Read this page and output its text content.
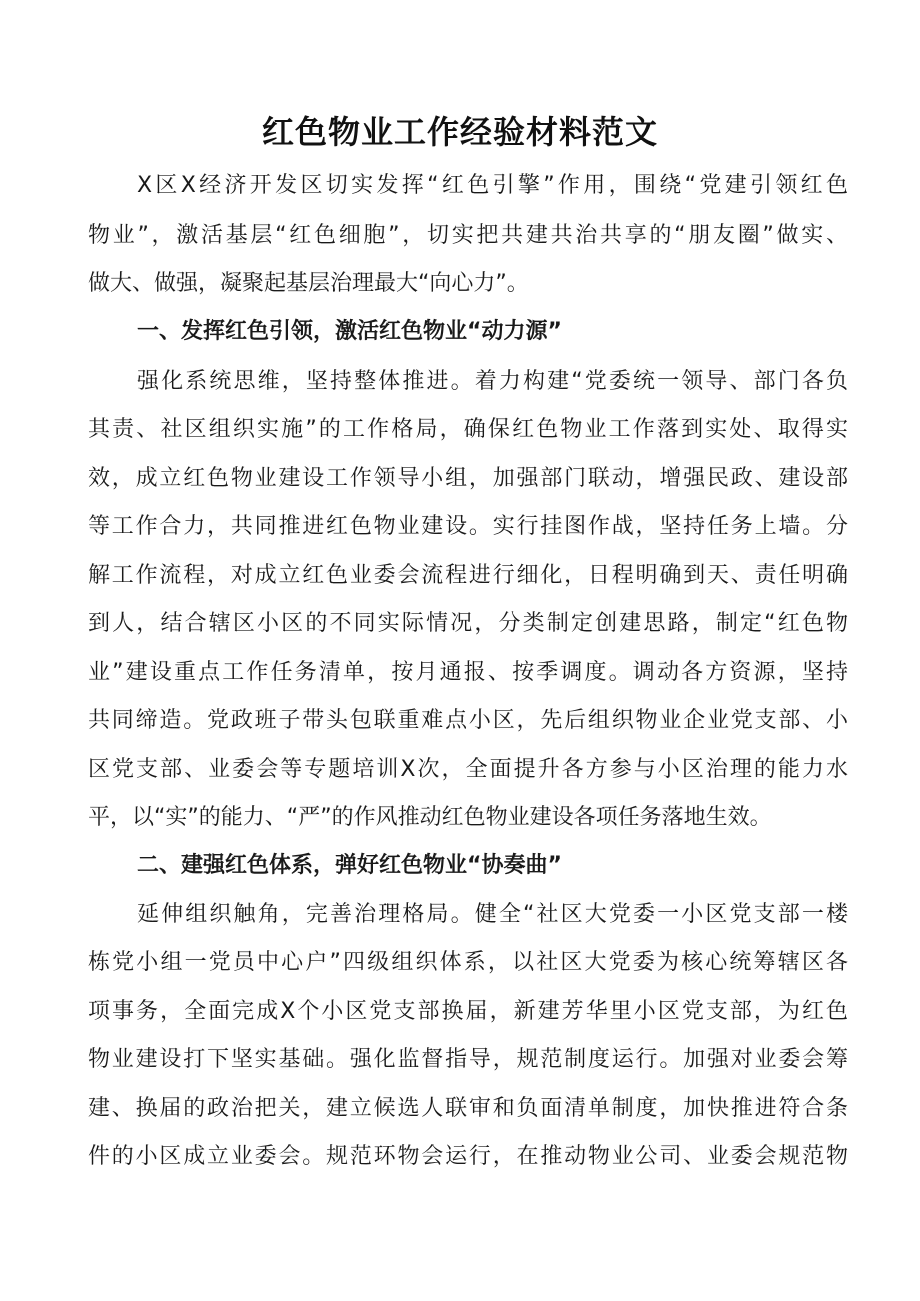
红色物业工作经验材料范文
X区X经济开发区切实发挥“红色引擎”作用，围绕“党建引领红色
物业”，激活基层“红色细胞”，切实把共建共治共享的“朋友圈”做实、
做大、做强，凝聚起基层治理最大“向心力”。
一、发挥红色引领，激活红色物业“动力源”
强化系统思维，坚持整体推进。着力构建“党委统一领导、部门各负
其责、社区组织实施”的工作格局，确保红色物业工作落到实处、取得实
效，成立红色物业建设工作领导小组，加强部门联动，增强民政、建设部
等工作合力，共同推进红色物业建设。实行挂图作战，坚持任务上墙。分
解工作流程，对成立红色业委会流程进行细化，日程明确到天、责任明确
到人，结合辖区小区的不同实际情况，分类制定创建思路，制定“红色物
业”建设重点工作任务清单，按月通报、按季调度。调动各方资源，坚持
共同缔造。党政班子带头包联重难点小区，先后组织物业企业党支部、小
区党支部、业委会等专题培训X次，全面提升各方参与小区治理的能力水
平，以“实”的能力、“严”的作风推动红色物业建设各项任务落地生效。
二、建强红色体系，弹好红色物业“协奏曲”
延伸组织触角，完善治理格局。健全“社区大党委一小区党支部一楼
栋党小组一党员中心户”四级组织体系，以社区大党委为核心统筹辖区各
项事务，全面完成X个小区党支部换届，新建芳华里小区党支部，为红色
物业建设打下坚实基础。强化监督指导，规范制度运行。加强对业委会筹
建、换届的政治把关，建立候选人联审和负面清单制度，加快推进符合条
件的小区成立业委会。规范环物会运行，在推动物业公司、业委会规范物
